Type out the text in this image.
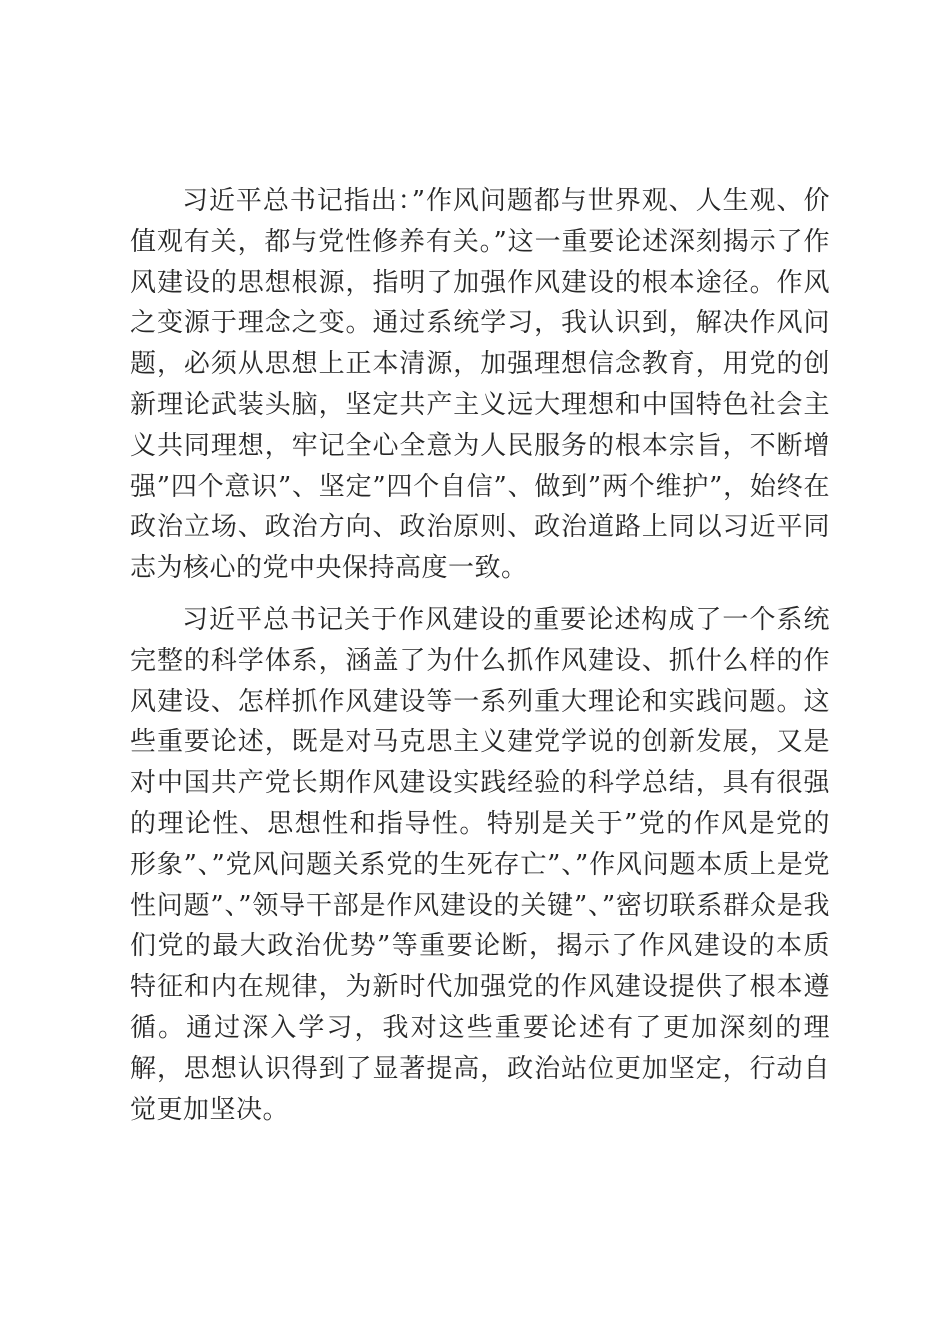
习近平总书记指出：”作风问题都与世界观、人生观、价值观有关，都与党性修养有关。”这一重要论述深刻揭示了作风建设的思想根源，指明了加强作风建设的根本途径。作风之变源于理念之变。通过系统学习，我认识到，解决作风问题，必须从思想上正本清源，加强理想信念教育，用党的创新理论武装头脑，坚定共产主义远大理想和中国特色社会主义共同理想，牢记全心全意为人民服务的根本宗旨，不断增强”四个意识”、坚定”四个自信”、做到”两个维护”，始终在政治立场、政治方向、政治原则、政治道路上同以习近平同志为核心的党中央保持高度一致。

习近平总书记关于作风建设的重要论述构成了一个系统完整的科学体系，涵盖了为什么抓作风建设、抓什么样的作风建设、怎样抓作风建设等一系列重大理论和实践问题。这些重要论述，既是对马克思主义建党学说的创新发展，又是对中国共产党长期作风建设实践经验的科学总结，具有很强的理论性、思想性和指导性。特别是关于”党的作风是党的形象”、”党风问题关系党的生死存亡”、”作风问题本质上是党性问题”、”领导干部是作风建设的关键”、”密切联系群众是我们党的最大政治优势”等重要论断，揭示了作风建设的本质特征和内在规律，为新时代加强党的作风建设提供了根本遵循。通过深入学习，我对这些重要论述有了更加深刻的理解，思想认识得到了显著提高，政治站位更加坚定，行动自觉更加坚决。
